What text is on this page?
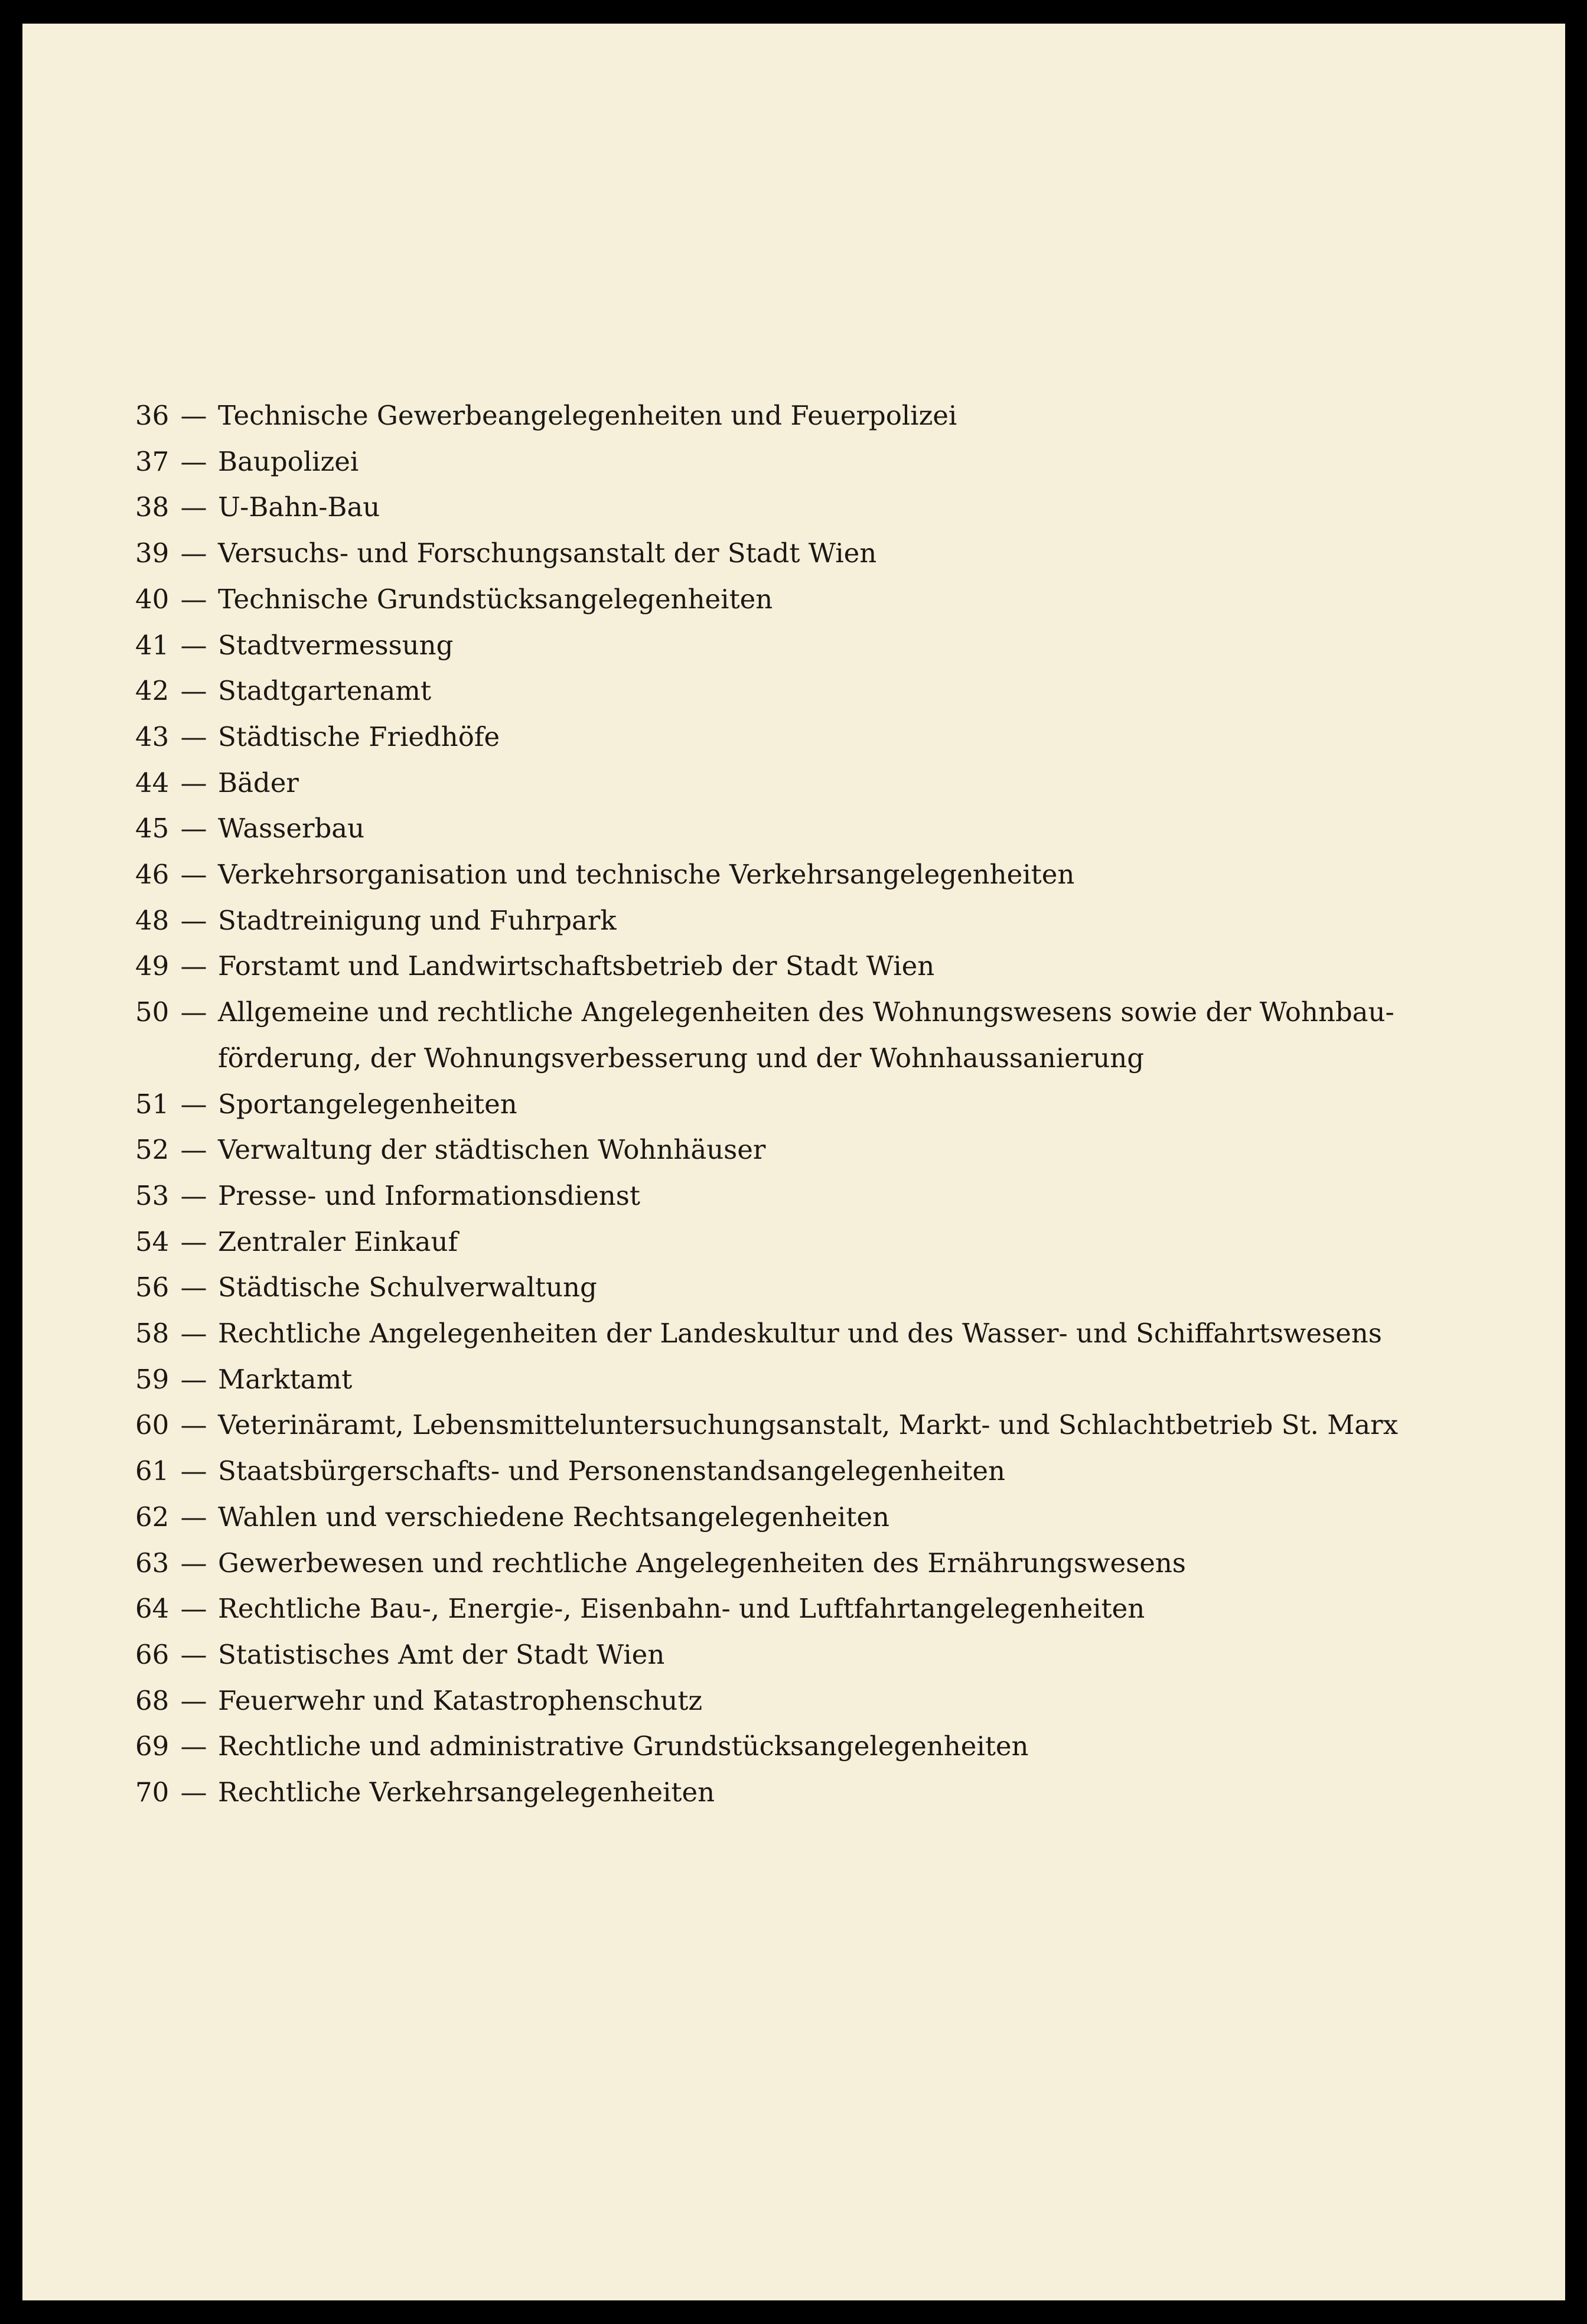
36 — Technische Gewerbeangelegenheiten und Feuerpolizei
37 — Baupolizei
38 — U-Bahn-Bau
39 — Versuchs- und Forschungsanstalt der Stadt Wien
40 — Technische Grundstücksangelegenheiten
41 — Stadtvermessung
42 — Stadtgartenamt
43 — Städtische Friedhöfe
44 — Bäder
45 — Wasserbau
46 — Verkehrsorganisation und technische Verkehrsangelegenheiten
48 — Stadtreinigung und Fuhrpark
49 — Forstamt und Landwirtschaftsbetrieb der Stadt Wien
50 — Allgemeine und rechtliche Angelegenheiten des Wohnungswesens sowie der Wohnbau-
förderung, der Wohnungsverbesserung und der Wohnhaussanierung
51 — Sportangelegenheiten
52 — Verwaltung der städtischen Wohnhäuser
53 — Presse- und Informationsdienst
54 — Zentraler Einkauf
56 — Städtische Schulverwaltung
58 — Rechtliche Angelegenheiten der Landeskultur und des Wasser- und Schiffahrtswesens
59 — Marktamt
60 — Veterinäramt, Lebensmitteluntersuchungsanstalt, Markt- und Schlachtbetrieb St. Marx
61 — Staatsbürgerschafts- und Personenstandsangelegenheiten
62 — Wahlen und verschiedene Rechtsangelegenheiten
63 — Gewerbewesen und rechtliche Angelegenheiten des Ernährungswesens
64 — Rechtliche Bau-, Energie-, Eisenbahn- und Luftfahrtangelegenheiten
66 — Statistisches Amt der Stadt Wien
68 — Feuerwehr und Katastrophenschutz
69 — Rechtliche und administrative Grundstücksangelegenheiten
70 — Rechtliche Verkehrsangelegenheiten
